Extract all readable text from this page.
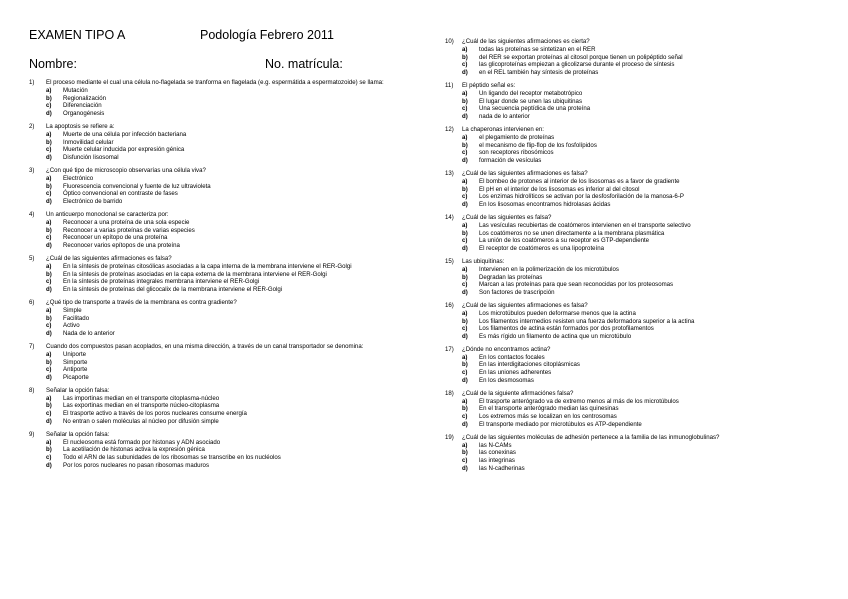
EXAMEN TIPO A	Podología Febrero 2011
Nombre:	No. matrícula:
1)	El proceso mediante el cual una célula no-flagelada se tranforma en flagelada (e.g. espermátida a espermatozoide) se llama:
a)	Mutación
b)	Regionalización
c)	Diferenciación
d)	Organogénesis
2)	La apoptosis se refiere a:
a)	Muerte de una célula por infección bacteriana
b)	Inmovilidad celular
c)	Muerte celular inducida por expresión génica
d)	Disfunción lisosomal
3)	¿Con qué tipo de microscopio observarías una célula viva?
a)	Electrónico
b)	Fluorescencia convencional y fuente de luz ultravioleta
c)	Óptico convencional en contraste de fases
d)	Electrónico de barrido
4)	Un anticuerpo monoclonal se caracteriza por:
a)	Reconocer a una proteína de una sola especie
b)	Reconocer a varias proteínas de varias especies
c)	Reconocer un epítopo de una proteína
d)	Reconocer varios epítopos de una proteína
5)	¿Cuál de las siguientes afirmaciones es falsa?
a)	En la síntesis de proteínas citosólicas asociadas a la capa interna de la membrana interviene el RER-Golgi
b)	En la síntesis de proteínas asociadas en la capa externa de la membrana interviene el RER-Golgi
c)	En la síntesis de proteínas integrales membrana interviene el RER-Golgi
d)	En la síntesis de proteínas del glicocalix de la membrana interviene el RER-Golgi
6)	¿Qué tipo de transporte a través de la membrana es contra gradiente?
a)	Simple
b)	Facilitado
c)	Activo
d)	Nada de lo anterior
7)	Cuando dos compuestos pasan acoplados, en una misma dirección, a través de un canal transportador se denomina:
a)	Uniporte
b)	Simporte
c)	Antiporte
d)	Picaporte
8)	Señalar la opción falsa:
a)	Las importinas median en el transporte citoplasma-núcleo
b)	Las exportinas median en el transporte núcleo-citoplasma
c)	El trasporte activo a través de los poros nucleares consume energía
d)	No entran o salen moléculas al núcleo por difusión simple
9)	Señalar la opción falsa:
a)	El nucleosoma está formado por histonas y ADN asociado
b)	La acetilación de histonas activa la expresión génica
c)	Todo el ARN de las subunidades de los ribosomas se transcribe en los nucléolos
d)	Por los poros nucleares no pasan ribosomas maduros
10)	¿Cuál de las siguientes afirmaciones es cierta?
a)	todas las proteínas se sintetizan en el RER
b)	del RER se exportan proteínas al citosol porque tienen un polipéptido señal
c)	las glicoproteínas empiezan a glicolizarse durante el proceso de síntesis
d)	en el REL también hay síntesis de proteínas
11)	El péptido señal es:
a)	Un ligando del receptor metabotrópico
b)	El lugar donde se unen las ubiquitinas
c)	Una secuencia peptídica de una proteína
d)	nada de lo anterior
12)	La chaperonas intervienen en:
a)	el plegamiento de proteínas
b)	el mecanismo de flip-flop de los fosfolípidos
c)	son receptores ribosómicos
d)	formación de vesículas
13)	¿Cuál de las siguientes afirmaciones es falsa?
a)	El bombeo de protones al interior de los lisosomas es a favor de gradiente
b)	El pH en el interior de los lisosomas es inferior al del citosol
c)	Los enzimas hidrolíticos se activan por la desfosforilación de la manosa-6-P
d)	En los lisosomas encontramos hidrolasas ácidas
14)	¿Cuál de las siguientes es falsa?
a)	Las vesículas recubiertas de coatómeros intervienen en el transporte selectivo
b)	Los coatómeros no se unen directamente a la membrana plasmática
c)	La unión de los coatómeros a su receptor es GTP-dependiente
d)	El receptor de coatómeros es una lipoproteína
15)	Las ubiquitinas:
a)	Intervienen en la polimerización de los microtúbulos
b)	Degradan las proteínas
c)	Marcan a las proteínas para que sean reconocidas por los proteosomas
d)	Son factores de trascripción
16)	¿Cuál de las siguientes afirmaciones es falsa?
a)	Los microtúbulos pueden deformarse menos que la actina
b)	Los filamentos intermedios resisten una fuerza deformadora superior a la actina
c)	Los filamentos de actina están formados por dos protofilamentos
d)	Es más rígido un filamento de actina que un microtúbulo
17)	¿Dónde no encontramos actina?
a)	En los contactos focales
b)	En las interdigitaciones citoplásmicas
c)	En las uniones adherentes
d)	En los desmosomas
18)	¿Cuál de la siguiente afirmaciónes falsa?
a)	El trasporte anterógrado va de extremo menos al más de los microtúbulos
b)	En el transporte anterógrado median las quinesinas
c)	Los extremos más se localizan en los centrosomas
d)	El transporte mediado por microtúbulos es ATP-dependiente
19)	¿Cuál de las siguientes moléculas de adhesión pertenece a la familia de las inmunoglobulinas?
a)	las N-CAMs
b)	las conexinas
c)	las integrinas
d)	las N-cadherinas
